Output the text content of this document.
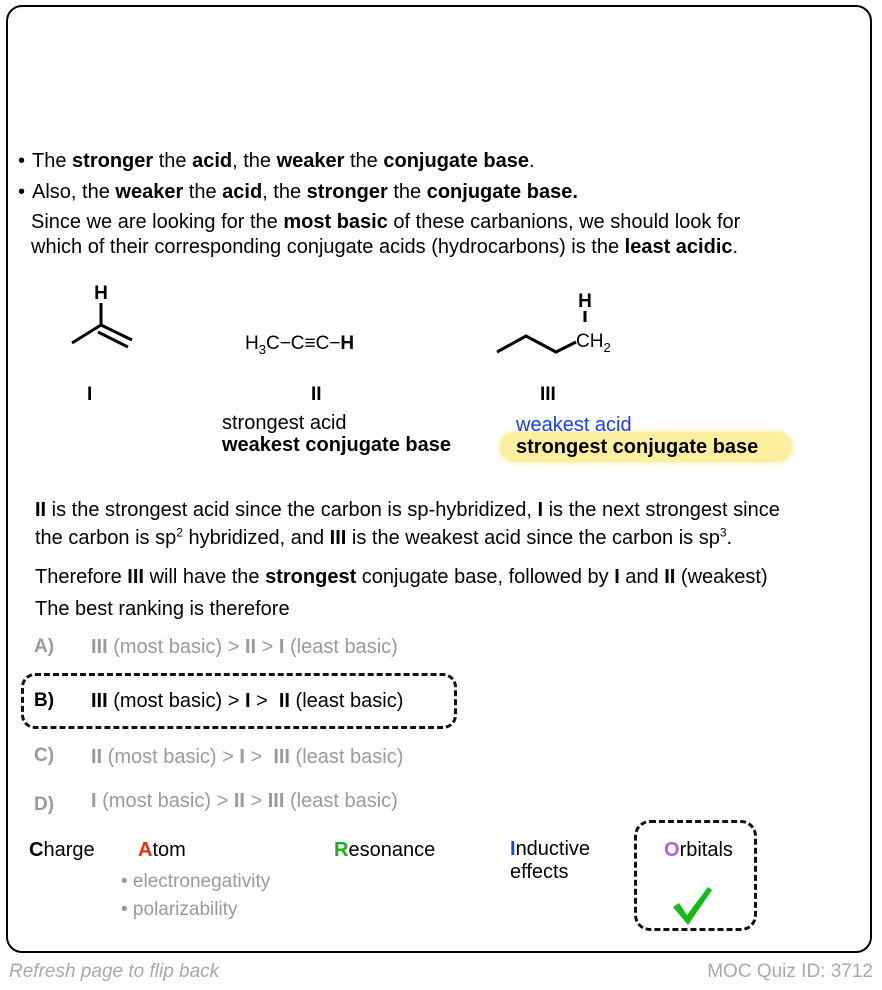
• The stronger the acid, the weaker the conjugate base.
• Also, the weaker the acid, the stronger the conjugate base.
Since we are looking for the most basic of these carbanions, we should look for
which of their corresponding conjugate acids (hydrocarbons) is the least acidic.
H	H
$CH_2$
$H_3C-C\equiv C-H$
I	II	III
strongest acid
weakest conjugate base
weakest acid
strongest conjugate base
II is the strongest acid since the carbon is sp-hybridized, I is the next strongest since
the carbon is $sp^2$ hybridized, and III is the weakest acid since the carbon is $sp^3$.
Therefore III will have the strongest conjugate base, followed by I and II (weakest)
The best ranking is therefore
A) III (most basic) > II > I (least basic)
B) III (most basic) > I >  II (least basic)
C) II (most basic) > I >  III (least basic)
D) I (most basic) > II > III (least basic)
Charge Atom
• electronegativity
• polarizability
Resonance	Inductive
effects
Orbitals
Refresh page to flip back	MOC Quiz ID: 3712
